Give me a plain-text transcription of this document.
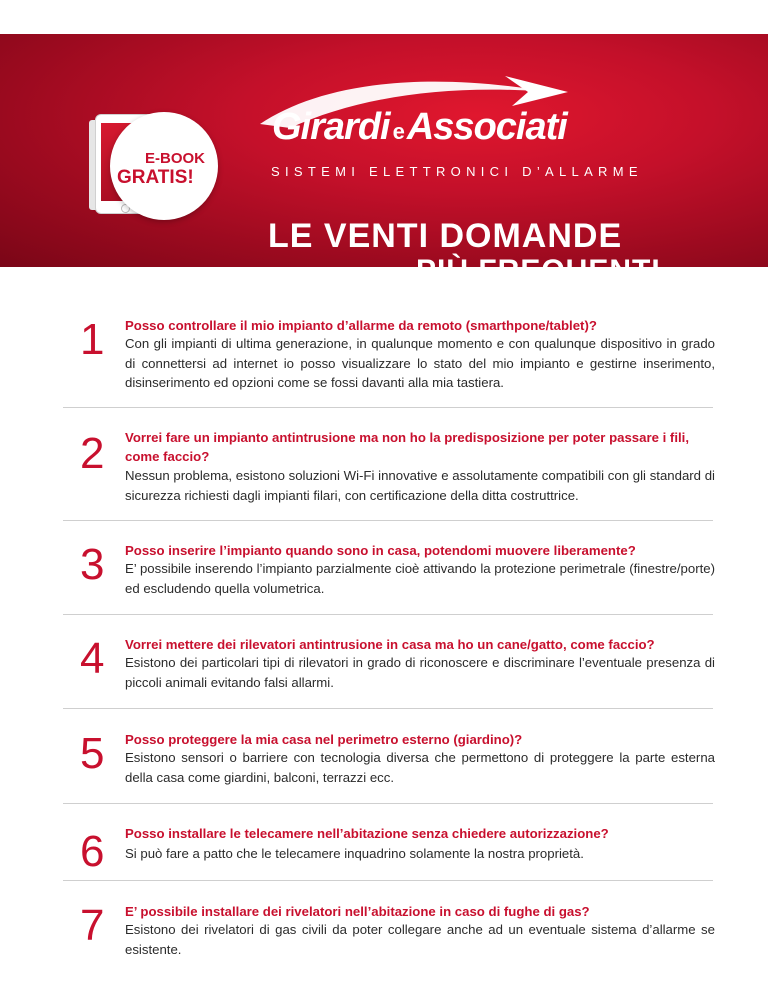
Girardi eAssociati
SISTEMI ELETTRONICI D’ALLARME
LE VENTI DOMANDE
PIÙ FREQUENTI
E-BOOK
GRATIS!
1 Posso controllare il mio impianto d’allarme da remoto (smarthpone/tablet)?
Con gli impianti di ultima generazione, in qualunque momento e con qualunque dispositivo in grado di connettersi ad internet io posso visualizzare lo stato del mio impianto e gestirne inserimento, disinserimento ed opzioni come se fossi davanti alla mia tastiera.
2 Vorrei fare un impianto antintrusione ma non ho la predisposizione per poter passare i fili, come faccio?
Nessun problema, esistono soluzioni Wi-Fi innovative e assolutamente compatibili con gli standard di sicurezza richiesti dagli impianti filari, con certificazione della ditta costruttrice.
3 Posso inserire l’impianto quando sono in casa, potendomi muovere liberamente?
E’ possibile inserendo l’impianto parzialmente cioè attivando la protezione perimetrale (finestre/porte) ed escludendo quella volumetrica.
4 Vorrei mettere dei rilevatori antintrusione in casa ma ho un cane/gatto, come faccio?
Esistono dei particolari tipi di rilevatori in grado di riconoscere e discriminare l’eventuale presenza di piccoli animali evitando falsi allarmi.
5 Posso proteggere la mia casa nel perimetro esterno (giardino)?
Esistono sensori o barriere con tecnologia diversa che permettono di proteggere la parte esterna della casa come giardini, balconi, terrazzi ecc.
6 Posso installare le telecamere nell’abitazione senza chiedere autorizzazione?
Si può fare a patto che le telecamere inquadrino solamente la nostra proprietà.
7 E’ possibile installare dei rivelatori nell’abitazione in caso di fughe di gas?
Esistono dei rivelatori di gas civili da poter collegare anche ad un eventuale sistema d’allarme se esistente.
